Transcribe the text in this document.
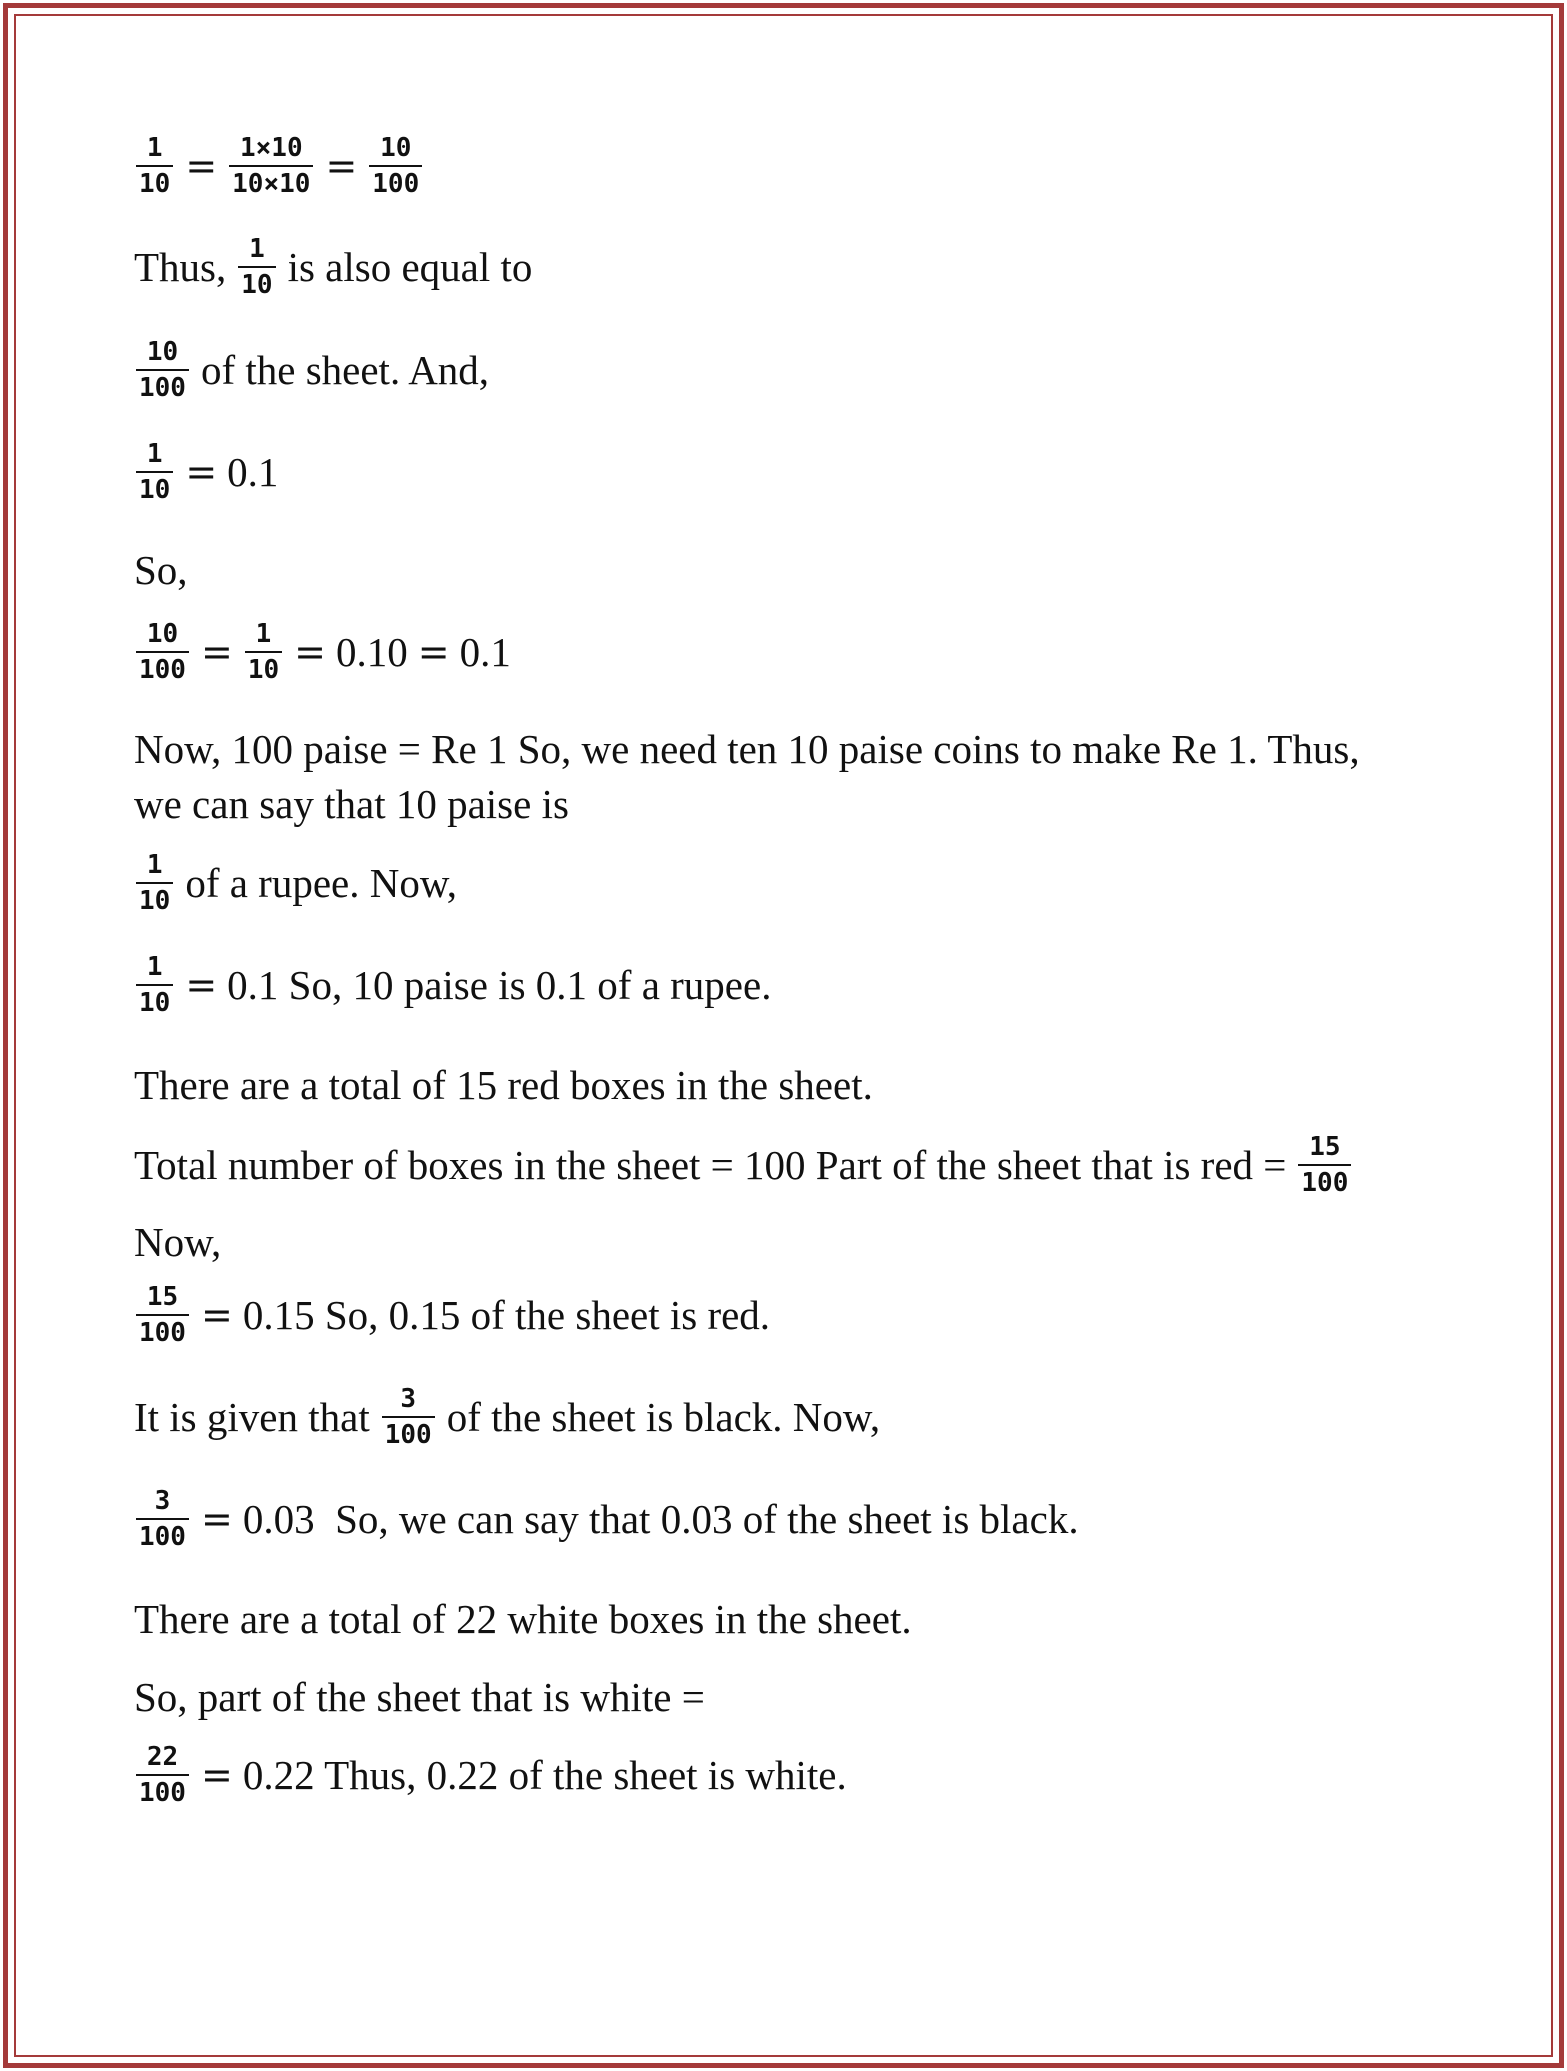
$\frac{1}{10} = \frac{1\times 10}{10\times 10} = \frac{10}{100}$
Thus, $\frac{1}{10}$ is also equal to
$\frac{10}{100}$ of the sheet. And,
$\frac{1}{10} = 0.1$
So,
$\frac{10}{100} = \frac{1}{10} = 0.10 = 0.1$
Now, 100 paise = Re 1 So, we need ten 10 paise coins to make Re 1. Thus,
we can say that 10 paise is
$\frac{1}{10}$ of a rupee. Now,
$\frac{1}{10} = 0.1$ So, 10 paise is 0.1 of a rupee.
There are a total of 15 red boxes in the sheet.
Total number of boxes in the sheet = 100 Part of the sheet that is red = $\frac{15}{100}$
Now,
$\frac{15}{100} = 0.15$ So, 0.15 of the sheet is red.
It is given that $\frac{3}{100}$ of the sheet is black. Now,
$\frac{3}{100} = 0.03$  So, we can say that 0.03 of the sheet is black.
There are a total of 22 white boxes in the sheet.
So, part of the sheet that is white =
$\frac{22}{100} = 0.22$ Thus, 0.22 of the sheet is white.
